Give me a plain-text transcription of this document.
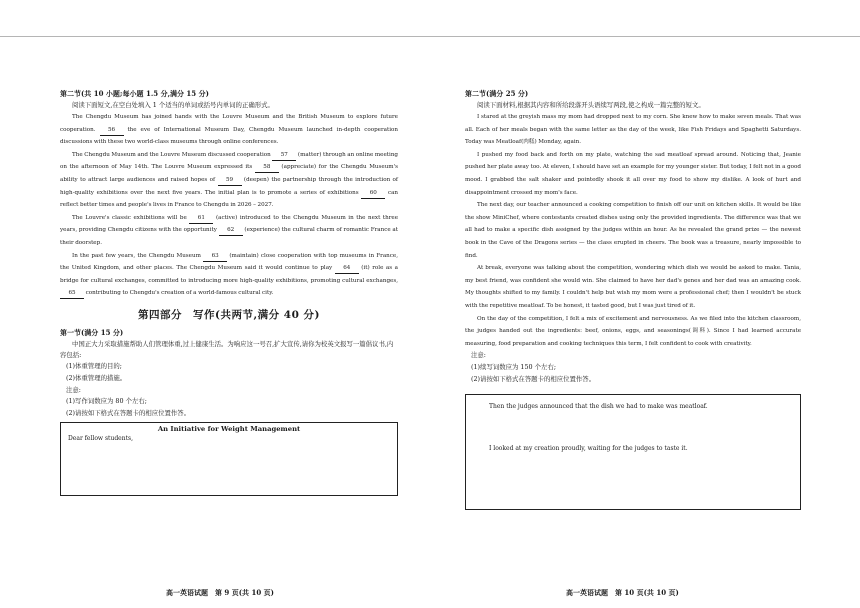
第二节(共 10 小题;每小题 1.5 分,满分 15 分)

阅读下面短文,在空白处填入 1 个适当的单词或括号内单词的正确形式。

The Chengdu Museum has joined hands with the Louvre Museum and the British Museum to explore future cooperation. 56 the eve of International Museum Day, Chengdu Museum launched in-depth cooperation discussions with these two world-class museums through online conferences.

The Chengdu Museum and the Louvre Museum discussed cooperation 57 (matter) through an online meeting on the afternoon of May 14th. The Louvre Museum expressed its 58 (appreciate) for the Chengdu Museum's ability to attract large audiences and raised hopes of 59 (deepen) the partnership through the introduction of high-quality exhibitions over the next five years. The initial plan is to promote a series of exhibitions 60 can reflect better times and people's lives in France to Chengdu in 2026 – 2027.

The Louvre's classic exhibitions will be 61 (active) introduced to the Chengdu Museum in the next three years, providing Chengdu citizens with the opportunity 62 (experience) the cultural charm of romantic France at their doorstep.

In the past few years, the Chengdu Museum 63 (maintain) close cooperation with top museums in France, the United Kingdom, and other places. The Chengdu Museum said it would continue to play 64 (it) role as a bridge for cultural exchanges, committed to introducing more high-quality exhibitions, promoting cultural exchanges, 65 contributing to Chengdu's creation of a world-famous cultural city.

第四部分　写作(共两节,满分 40 分)

第一节(满分 15 分)

中国正大力采取措施帮助人们管理体重,过上健康生活。为响应这一号召,扩大宣传,请你为校英文报写一篇倡议书,内容包括:

(1)体重管理的目的;

(2)体重管理的措施。

注意:

(1)写作词数应为 80 个左右;

(2)请按如下格式在答题卡的相应位置作答。

An Initiative for Weight Management

Dear fellow students,

第二节(满分 25 分)

阅读下面材料,根据其内容和所给段落开头语续写两段,使之构成一篇完整的短文。

I stared at the greyish mass my mom had dropped next to my corn. She knew how to make seven meals. That was all. Each of her meals began with the same letter as the day of the week, like Fish Fridays and Spaghetti Saturdays. Today was Meatloaf(肉糕) Monday, again.

I pushed my food back and forth on my plate, watching the sad meatloaf spread around. Noticing that, Jeanie pushed her plate away too. At eleven, I should have set an example for my younger sister. But today, I felt not in a good mood. I grabbed the salt shaker and pointedly shook it all over my food to show my dislike. A look of hurt and disappointment crossed my mom's face.

The next day, our teacher announced a cooking competition to finish off our unit on kitchen skills. It would be like the show MiniChef, where contestants created dishes using only the provided ingredients. The difference was that we all had to make a specific dish assigned by the judges within an hour. As he revealed the grand prize — the newest book in the Cave of the Dragons series — the class erupted in cheers. The book was a treasure, nearly impossible to find.

At break, everyone was talking about the competition, wondering which dish we would be asked to make. Tania, my best friend, was confident she would win. She claimed to have her dad's genes and her dad was an amazing cook. My thoughts shifted to my family. I couldn't help but wish my mom were a professional chef; then I wouldn't be stuck with the repetitive meatloaf. To be honest, it tasted good, but I was just tired of it.

On the day of the competition, I felt a mix of excitement and nervousness. As we filed into the kitchen classroom, the judges handed out the ingredients: beef, onions, eggs, and seasonings(调料). Since I had learned accurate measuring, food preparation and cooking techniques this term, I felt confident to cook with creativity.

注意:

(1)续写词数应为 150 个左右;

(2)请按如下格式在答题卡的相应位置作答。

Then the judges announced that the dish we had to make was meatloaf.

I looked at my creation proudly, waiting for the judges to taste it.

高一英语试题　第 9 页(共 10 页)	高一英语试题　第 10 页(共 10 页)
